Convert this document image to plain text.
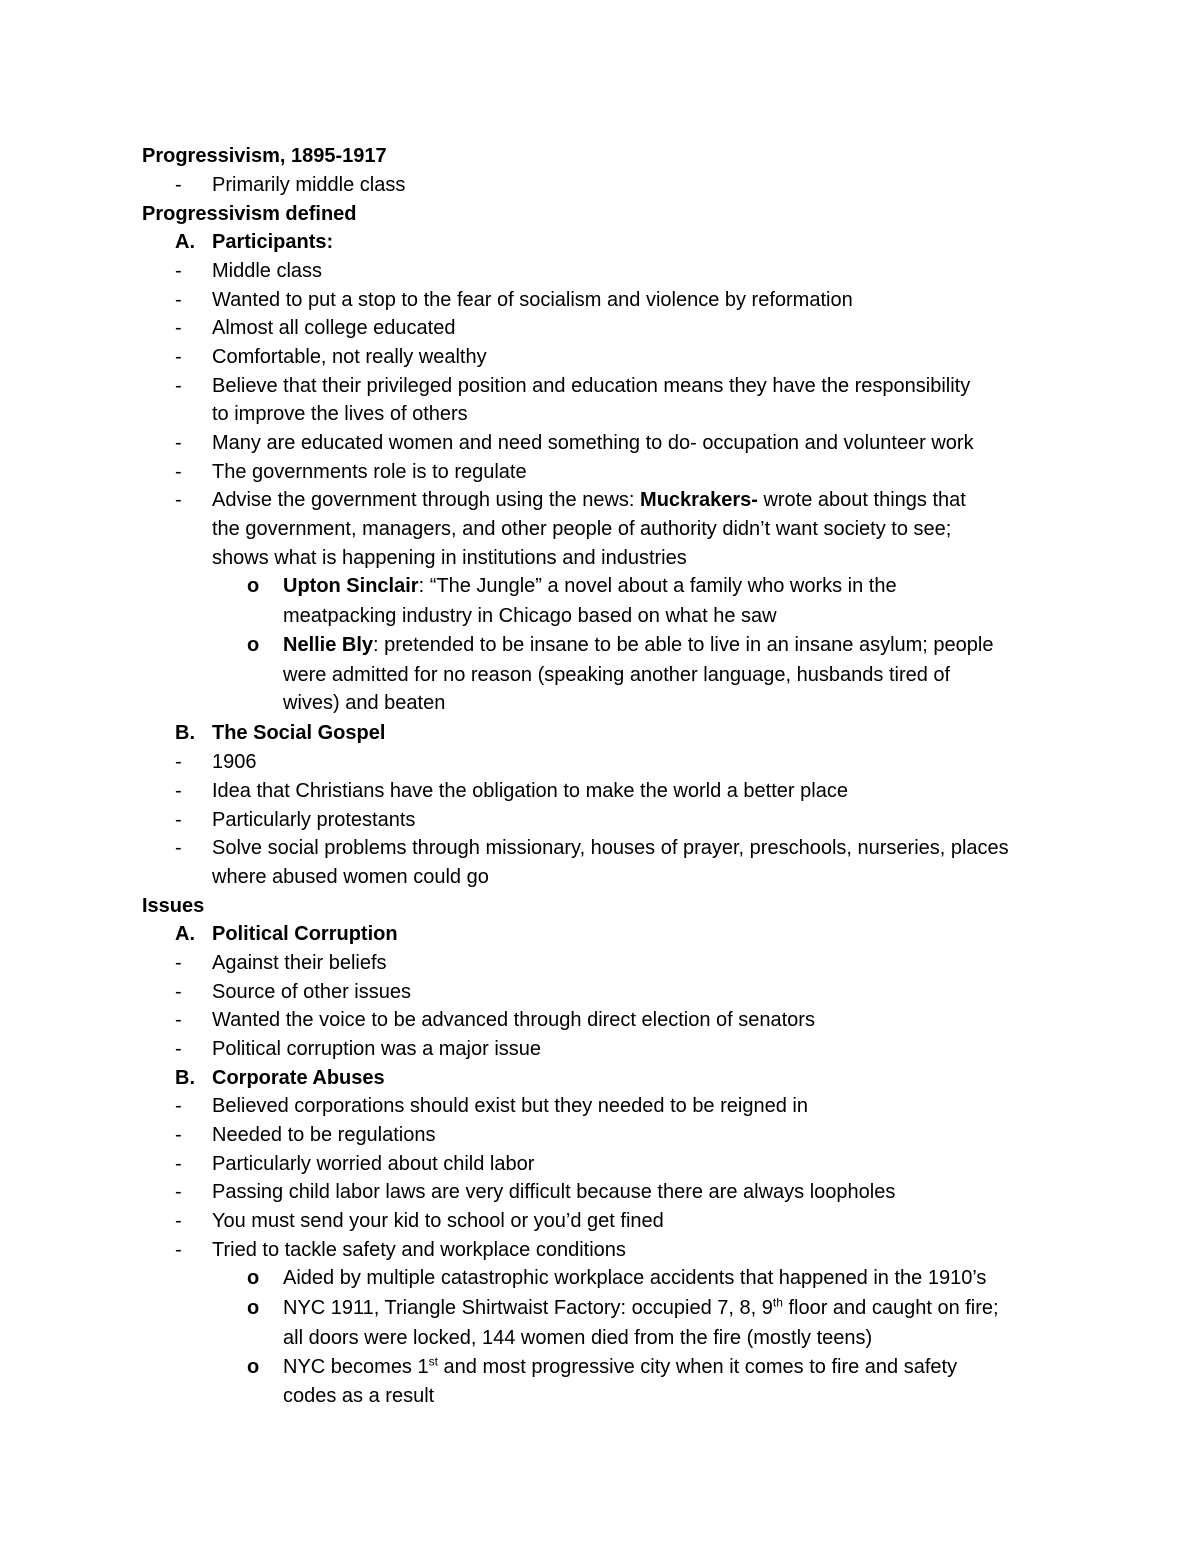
Progressivism, 1895-1917
- Primarily middle class
Progressivism defined
A. Participants:
- Middle class
- Wanted to put a stop to the fear of socialism and violence by reformation
- Almost all college educated
- Comfortable, not really wealthy
- Believe that their privileged position and education means they have the responsibility
to improve the lives of others
- Many are educated women and need something to do- occupation and volunteer work
- The governments role is to regulate
- Advise the government through using the news: Muckrakers- wrote about things that
the government, managers, and other people of authority didn’t want society to see;
shows what is happening in institutions and industries
o Upton Sinclair: “The Jungle” a novel about a family who works in the
meatpacking industry in Chicago based on what he saw
o Nellie Bly: pretended to be insane to be able to live in an insane asylum; people
were admitted for no reason (speaking another language, husbands tired of
wives) and beaten
B. The Social Gospel
- 1906
- Idea that Christians have the obligation to make the world a better place
- Particularly protestants
- Solve social problems through missionary, houses of prayer, preschools, nurseries, places
where abused women could go
Issues
A. Political Corruption
- Against their beliefs
- Source of other issues
- Wanted the voice to be advanced through direct election of senators
- Political corruption was a major issue
B. Corporate Abuses
- Believed corporations should exist but they needed to be reigned in
- Needed to be regulations
- Particularly worried about child labor
- Passing child labor laws are very difficult because there are always loopholes
- You must send your kid to school or you’d get fined
- Tried to tackle safety and workplace conditions
o Aided by multiple catastrophic workplace accidents that happened in the 1910’s
o NYC 1911, Triangle Shirtwaist Factory: occupied 7, 8, 9th floor and caught on fire;
all doors were locked, 144 women died from the fire (mostly teens)
o NYC becomes 1st and most progressive city when it comes to fire and safety
codes as a result
